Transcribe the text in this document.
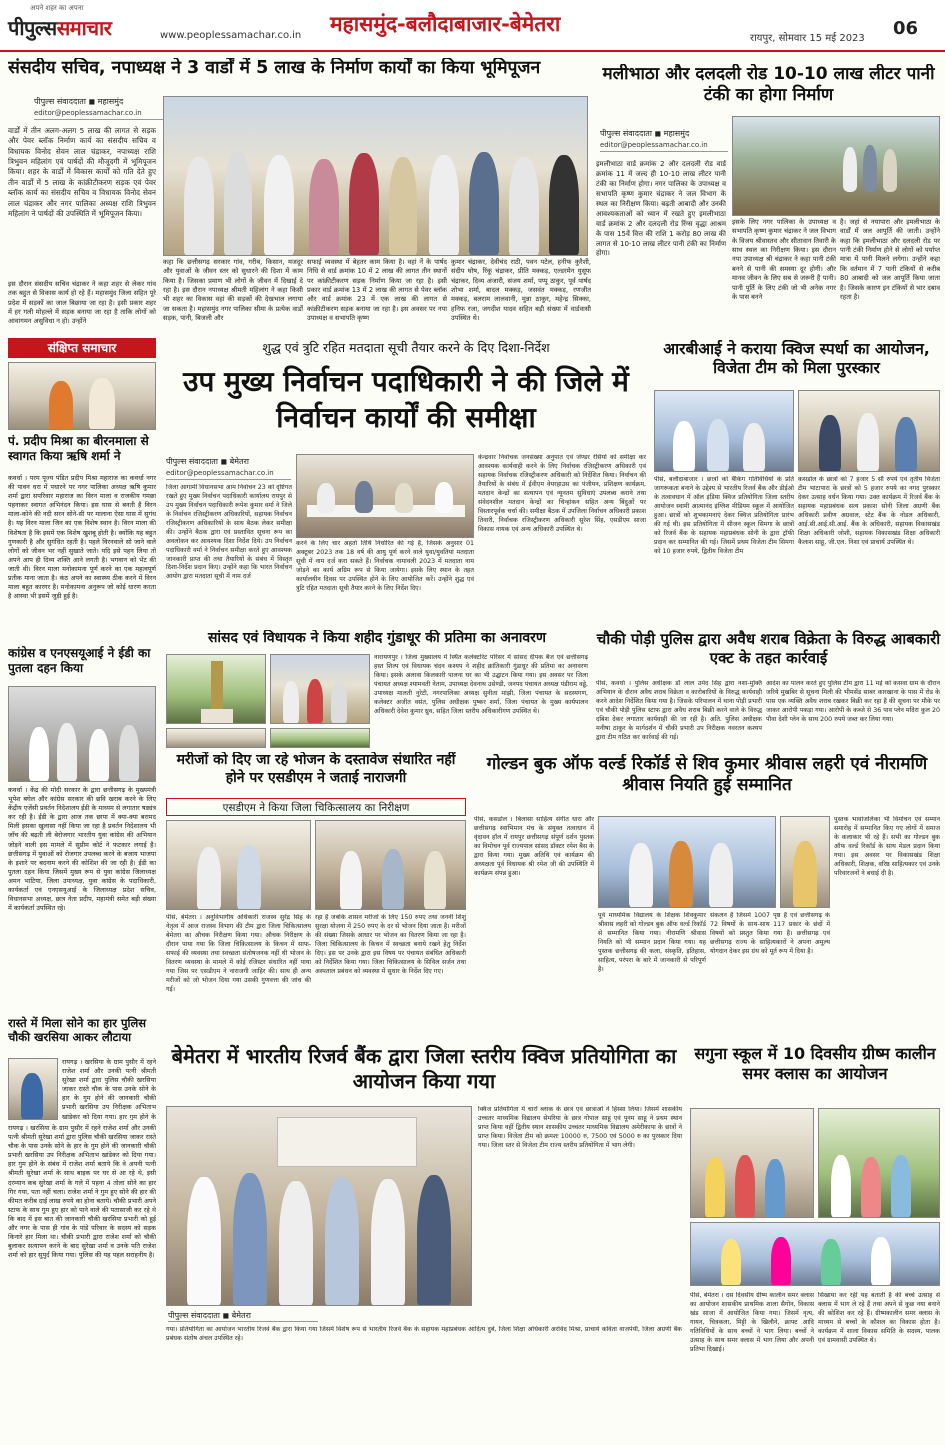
अपने शहर का अपना
पीपुल्ससमाचार	www.peoplessamachar.co.in महासमुंद-बलौदाबाजार-बेमेतरा
रायपुर, सोमवार 15 मई 2023 06
संसदीय सचिव, नपाध्यक्ष ने 3 वार्डों में 5 लाख के निर्माण कार्यों का किया भूमिपूजन
पीपुल्स संवाददाता ◼ महासमुंद
editor@peoplessamachar.co.in
वार्डों में तीन अलग-अलग 5 लाख की लागत से सड़क और पेवर ब्लॉक निर्माण कार्य का संसदीय सचिव व विधायक विनोद सेवन लाल चंद्राकर, नपाध्यक्ष राशि त्रिभुवन महिलांग एवं पार्षदों की मौजूदगी में भूमिपूजन किया। शहर के वार्डों में विकास कार्यों को गति देते हुए तीन वार्डों में 5 लाख के कांक्रीटीकरण सड़क एवं पेवर ब्लॉक कार्य का संसदीय सचिव व विधायक विनोद सेवन लाल चंद्राकर और नगर पालिका अध्यक्ष राशि त्रिभुवन महिलांग ने पार्षदों की उपस्थिति में भूमिपूजन किया।
इस दौरान संसदीय सचिव चंद्राकर ने कहा शहर से लेकर गांव तक बहुत से विकास कार्य हो रहे हैं। महासमुंद जिला सहित पूरे प्रदेश में सड़कों का जाल बिछाया जा रहा है। इसी प्रकार शहर में हर गली मोहल्ले में सड़क बनाया जा रहा है ताकि लोगों को आवागमन असुविधा न हो। उन्होंने
कहा कि छत्तीसगढ़ सरकार गांव, गरीब, किसान, मजदूर और युवाओं के जीवन स्तर को सुधारने की दिशा में काम किया है। जिसका प्रमाण भी लोगों के जीवन में दिखाई दे रहा है। इस दौरान नपाध्यक्ष श्रीमती महिलांग ने कहा किसी भी शहर का विकास वहां की सड़कों की देखभाल लगाया जा सकता है। महासमुंद नगर पालिका सीमा के प्रत्येक वार्डों सड़क, पानी, बिजली और
सफाई व्यवस्था में बेहतर काम किया है। वहां नें के पार्षद निधि से वार्ड क्रमांक 10 में 2 लाख की लागत तीन स्थानों पर कांक्रीटीकरण सड़क निर्माण किया जा रहा है। इसी प्रकार वार्ड क्रमांक 13 में 2 लाख की लागत से पेवर ब्लॉक और वार्ड क्रमांक 23 में एक लाख की लागत से कांक्रीटीकरण सड़क बनाया जा रहा है। इस अवसर पर नपा उपाध्यक्ष व सभापति कृष्ण
कुमार चंद्राकर, देवीचंद राठी, पवन पटेल, हनीफ कुरैशी, संदीप घोष, रिंकू चंद्राकर, प्रीति मक्कड़, एल्डरमेन युसूफ चंद्राकर, दिव्य अंजारी, संजय शर्मा, पप्पू ठाकुर, पूर्व पार्षद शोभा शर्मा, बादल मक्कड़, जसवंत मक्कड़, रणजीत मक्कड़, बलराम लालवानी, मुन्ना ठाकुर, महेन्द्र सिक्का, हनिफ रजा, जगदीश यादव सहित बड़ी संख्या में वार्डवासी उपस्थित थे।
मलीभाठा और दलदली रोड 10-10 लाख लीटर पानी टंकी का होगा निर्माण
पीपुल्स संवाददाता ◼ महासमुंद
editor@peoplessamachar.co.in
इमलीभाठा वार्ड क्रमांक 2 और दलदली रोड वार्ड क्रमांक 11 में जल्द ही 10-10 लाख लीटर पानी टंकी का निर्माण होगा। नगर पालिका के उपाध्यक्ष व सभापति कृष्ण कुमार चंद्राकर ने जल विभाग के स्थल का निरीक्षण किया। बढ़ती आबादी और उनकी आवश्यकताओं को ध्यान में रखते हुए इमलीभाठा वार्ड क्रमांक 2 और दलदली रोड रिंग्स वृद्धा आश्रम के पास 15वें वित्त की राशि 1 करोड़ 80 लाख की लागत से 10-10 लाख लीटर पानी टंकी का निर्माण होगा।
इसके लिए नगर पालिका के उपाध्यक्ष व सभापति कृष्ण कुमार चंद्राकर ने जल विभाग के विजय श्रीवास्तव और सीतावान तिवारी के साथ स्थल का निरीक्षण किया। इस दौरान नपा उपाध्यक्ष श्री चंद्राकर ने कहा पानी टंकी बनने से पानी की समस्या दूर होगी। और मानव जीवन के लिए सब से जरूरी है पानी। पानी पूर्ति के लिए टंकी जो भी अनेक नगर के पास बनने
है। जहां से नयापारा और इमलीभाठा के वार्डों में जल आपूर्ति की जाती। उन्होंने कहा कि इमलीभाठा और दलदली रोड पर पानी टंकी निर्माण होने से लोगों को पर्याप्त मात्रा में पानी मिलने लगेगा। उन्होंने कहा कि वर्तमान में 7 पानी टंकियों से करीब 80 आबादी को जल आपूर्ति किया जाता है। जिसके कारण इन टंकियों से भार दबाव रहता है।
संक्षिप्त समाचार
पं. प्रदीप मिश्रा का बीरनमाला से स्वागत किया ऋषि शर्मा ने
कवर्धा । परम पूज्य पंडित प्रदीप मिश्रा महाराज का कवर्धा नगर की पावन धरा में पधारने पर नगर पालिका अध्यक्ष ऋषि कुमार शर्मा द्वारा सपरिवार महाराज का विरन माला व राजकीय गमछा पहनाकर स्वागत अभिनंदन किया। इस घास से बनती है विरन माला-कोने की नदी सरन सोने-सी पर मालाना ऐसा घास में सुगंध है। यह विरन माला जिन का एक विशेष स्थान है। विरन माला की विशेषता है कि इसमें एक विशेष खुशबू होती है। क्योंकि यह बहुत गुणकारी है और सुगंधित रहती है। पहले विरनवाले सो जाने वाले लोगों को जीवन भर नहीं सुखाते जाते। यदि इसे पहन लिया तो अपने आप ही दिव्य शक्ति आने लगती है। भगवान को भेंट की जाती थी। विरन माला मनोकामना पूर्ण करने का एक महत्वपूर्ण प्रतीक माना जाता है। कंठ अपने का स्वास्थ्य ठीक करने में विरन माला बहुत कारगर है। मनोकामना अनुरूप जो कोई धारण करता है आस्था भी इसमें जुड़ी हुई है।
कांग्रेस व एनएसयूआई ने ईडी का पुतला दहन किया
कवर्धा । केंद्र की मोदी सरकार के द्वारा छत्तीसगढ़ के मुख्यमंत्री भूपेश बघेल और कांग्रेस सरकार की छवि खराब करने के लिए केंद्रीय एजेंसी प्रवर्तन निदेशालय ईडी के माध्यम से लगातार षड्यंत्र कर रही है। ईडी के द्वारा आज तक छापा में क्या-क्या बरामद मिली इसका खुलासा नहीं किया जा रहा है प्रवर्तन निदेशालय भी जाँच की बढ़ती ली बेरोजगार भारतीय युवा कांग्रेस की अभियान जोड़ने वाली इस मामले में सुप्रीम कोर्ट ने फटकार लगाई है। छत्तीसगढ़ में युवाओं को रोजगार उपलब्ध करने के बजाय भाजपा के इशारे पर बदनाम करने की कोशिश की जा रही है। ईडी का पुतला दहन किया जिसमें मुख्य रूप से युवा कांग्रेस जिलाध्यक्ष अमन भाटिया, जिला उपाध्यक्ष, युवा कांग्रेस के पदाधिकारी, कार्यकर्ता एवं एनएसयूआई के जिलाध्यक्ष प्रदेश सचिव, विधानसभा अध्यक्ष, छात्र नेता प्रदीप, महामंत्री समेत बड़ी संख्या में कार्यकर्ता उपस्थित रहे।
रास्ते में मिला सोने का हार पुलिस चौकी खरसिया आकर लौटाया
रायगढ़ । खरसिया के ग्राम पुसौर में रहने राजेश शर्मा और उनकी पत्नी श्रीमती सुरेखा शर्मा द्वारा पुलिस चौकी खरसिया जाकर रास्ते चौक के पास उनके सोने के हार के गुम होने की जानकारी चौकी प्रभारी खरसिया उप निरीक्षक अभिताभ खांडेकर को दिया गया। हार गुम होने के
रायगढ़ । खरसिया के ग्राम पुसौर में रहने राजेश शर्मा और उनकी पत्नी श्रीमती सुरेखा शर्मा द्वारा पुलिस चौकी खरसिया जाकर रास्ते चौक के पास उनके सोने के हार के गुम होने की जानकारी चौकी प्रभारी खरसिया उप निरीक्षक अभिताभ खांडेकर को दिया गया। हार गुम होने के संबंध में राजेश शर्मा बताये कि वे अपनी पत्नी श्रीमती सुरेखा शर्मा के साथ बाइक पर घर से आ रहे थे, इसी दरम्यान कब सुरेखा शर्मा के गले में पहना 4 तोला सोने का हार गिर गया, पता नहीं चला। राजेश शर्मा ने गुम हुए सोने की हार की कीमत करीब दाई लाख रुपये का होना बताये। चौकी प्रभारी अपने स्टाफ के साथ गुम हुए हार को पाने वाले की पतासाजी कर रहे थे कि बाद में इस बात की जानकारी चौकी खरसिया प्रभारी को हुई और नगर के पास ही गांव के पांडे परिवार के सदस्य को सड़क किनारे हार मिला था। चौकी प्रभारी द्वारा राजेश शर्मा को चौकी बुलाकर सत्यापन करने के बाद सुरेखा शर्मा व उनके पति राजेश शर्मा को हार सुपुर्द किया गया। पुलिस की यह पहल सराहनीय है।
शुद्ध एवं त्रुटि रहित मतदाता सूची तैयार करने के दिए दिशा-निर्देश
उप मुख्य निर्वाचन पदाधिकारी ने की जिले में निर्वाचन कार्यों की समीक्षा
पीपुल्स संवाददाता ◼ बेमेतरा
editor@peoplessamachar.co.in
जिला आगामी विधानसभा आम निर्वाचन 23 को दृष्टिगत रखते हुए मुख्य निर्वाचन पदाधिकारी कार्यालय रायपुर से उप मुख्य निर्वाचन पदाधिकारी रूपेश कुमार वर्मा ने जिले के निर्वाचन रजिस्ट्रीकरण अधिकारियों, सहायक निर्वाचन रजिस्ट्रीकरण अधिकारियों के साथ बैठक लेकर समीक्षा की। उन्होंने बैठक द्वारा एवं प्रस्तावित सूचना रूप का अवलोकन कर आवश्यक दिशा निर्देश दिये। उप निर्वाचन पदाधिकारी वर्मा ने निर्वाचन समीक्षा करते हुए आवश्यक जानकारी प्राप्त की तथा तैयारियों के संबंध में विस्तृत दिशा-निर्देश प्रदान किए। उन्होंने कहा कि भारत निर्वाचन आयोग द्वारा मतदाता सूची में नाम दर्ज
करने के लिए चार अहर्ता तिथि निर्धारित की गई है, जिसके अनुसार 01 अक्टूबर 2023 तक 18 वर्ष की आयु पूर्ण करने वाले युवा/युवतियां मतदाता सूची में नाम दर्ज करा सकते हैं। निर्वाचक नामावली 2023 में मतदाता नाम जोड़ने का कार्य अग्रिम रूप से किया जायेगा। इसके लिए स्थान के तहत कार्यालयीन दिवस पर उपस्थित होने के लिए आयोजित करें। उन्होंने शुद्ध एवं त्रुटि रहित मतदाता सूची तैयार करने के लिए निर्देश दिए।
केन्द्रवार निर्वाचक जनसंख्या अनुपात एवं जेण्डर रेसियो को समीक्षा कर आवश्यक कार्यवाही करने के लिए निर्वाचक रजिस्ट्रीकरण अधिकारी एवं सहायक निर्वाचक रजिस्ट्रीकरण अधिकारी को निर्देशित किया। निर्वाचन की तैयारियों के संबंध में ईवीएम वेयरहाउस का पंजीयन, प्रशिक्षण कार्यक्रम, मतदान केन्द्रों का सत्यापन एवं न्यूनतम सुविधाएं उपलब्ध कराने तथा संवेदनशील मतदान केन्द्रों का चिन्हांकन सहित अन्य बिंदुओं पर विस्तारपूर्वक चर्चा की। समीक्षा बैठक में उपजिला निर्वाचन अधिकारी प्रकाश तिवारी, निर्वाचक रजिस्ट्रीकरण अधिकारी सुरेश सिंह, एसडीएम साजा विकास नायक एवं अन्य अधिकारी उपस्थित थे।
आरबीआई ने कराया क्विज स्पर्धा का आयोजन, विजेता टीम को मिला पुरस्कार
पीसं, बलौदाबाजार । छात्रों को बैंकिंग गतिविधियों के प्रति जागरूकता बनाने के उद्देश्य से भारतीय रिजर्व बैंक और डीईओ के तत्वावधान में ऑल इंडिया क्विज प्रतियोगिता जिला स्तरीय आयोजन स्वामी आत्मानंद इंग्लिश मीडियम स्कूल में आयोजित हुआ। छात्रों को शुभकामनाएं देकर क्विज प्रतियोगिता प्रारंभ की गई थी। इस प्रतियोगिता में सीजन स्कूल सिमगा के छात्रों को रिजर्व बैंक के सहायक महाप्रबंधक सोनी के द्वारा ट्रॉफी प्रदान कर सम्मानित की गई। जिसमें प्रथम विजेता टीम सिमगा को 10 हजार रुपये, द्वितीय विजेता टीम
कसडोल के छात्रों को 7 हजार 5 सौ रुपये एवं तृतीय विजेता टीम भाटापारा के छात्रों को 5 हजार रुपये का नगद पुरस्कार देकर उत्साह वर्धन किया गया। उक्त कार्यक्रम में रिजर्व बैंक के सहायक महाप्रबंधक सत्य प्रकाश सोनी जिला अग्रणी बैंक अधिकारी प्रवीण अग्रवाल, स्टेट बैंक के नोडल अधिकारी, आई.सी.आई.सी.आई. बैंक के अधिकारी, सहायक विकासखंड शिक्षा अधिकारी जोशी, सहायक विकासखंड शिक्षा अधिकारी कैलाश साहू, जी.एल. निशा एवं प्राचार्य उपस्थित थे।
सांसद एवं विधायक ने किया शहीद गुंडाधूर की प्रतिमा का अनावरण
नारायणपुर । जिला मुख्यालय में स्थित कलेक्टोरेट परिसर में सांसद दीपक बैज एवं छत्तीसगढ़ हस्त शिल्प एवं विधायक चंदन कश्यप ने शहीद क्रांतिकारी गुंडाधूर की प्रतिमा का अनावरण किया। इसके अलावा किलकारी पालना घर का भी उद्घाटन किया गया। इस अवसर पर जिला पंचायत अध्यक्ष श्यामवती नेताम, उपाध्यक्ष देवनाथ उसेण्डी, जनपद पंचायत अध्यक्ष पंडीराम वड्डे, उपाध्यक्ष मालती नुरेटी, नगरपालिका अध्यक्ष सुनीता मांझी, जिला पंचायत के सदस्यगण, कलेक्टर अजीत वसंत, पुलिस अधीक्षक पुष्कर शर्मा, जिला पंचायत के मुख्य कार्यपालन अधिकारी देवेश कुमार ध्रुव, सहित जिला स्तरीय अधिकारीगण उपस्थित थे।
चौकी पोड़ी पुलिस द्वारा अवैध शराब विक्रेता के विरुद्ध आबकारी एक्ट के तहत कार्रवाई
पीसं, कवर्धा । पुलिस अधीक्षक डॉ लाल उमेद सिंह द्वारा नशा-मुक्ति अभियान के दौरान अवैध शराब विक्रेता व कारोबारियों के विरुद्ध कार्यवाही करने आदेश निर्देशित किया गया है। जिसके परिपालन में थाना पोड़ी प्रभारी एवं चौकी पोड़ी पुलिस स्टाफ द्वारा अवैध शराब बिक्री करने वाले के विरुद्ध दबिश देकर लगातार कार्यवाही की जा रही है। अति. पुलिस अधीक्षक मनीषा ठाकुर के मार्गदर्शन में चौकी प्रभारी उप निरीक्षक नवरतन कश्यप द्वारा टीम गठित कर कार्रवाई की गई।
आदेश का पालन करते हुए पुलिस टीम द्वारा 11 मई को कसवा ग्राम के दौरान जरिये मुखबिर से सूचना मिली की भीमसेंड साबर कारखाना के पास में रोड के पास एक व्यक्ति अवैध शराब रखकर बिक्री कर रहा है की सूचना पर मौके पर जाकर आरोपी पकड़ा गया। आरोपी के कब्जे से 36 पाव प्लेन मदिरा कुल 20 पौवा देशी प्लेन के साथ 200 रुपये जब्त कर लिया गया।
मरीजों को दिए जा रहे भोजन के दस्तावेज संधारित नहीं होने पर एसडीएम ने जताई नाराजगी
एसडीएम ने किया जिला चिकित्सालय का निरीक्षण
पीसं, बेमेतरा । अनुविभागीय अधिकारी राजस्व सुरेंद्र सिंह के नेतृत्व में आज राजस्व विभाग की टीम द्वारा जिला चिकित्सालय बेमेतरा का औचक निरीक्षण किया गया। औचक निरीक्षण के दौरान पाया गया कि जिला चिकित्सालय के किचन में साफ-सफाई की व्यवस्था तथा स्वच्छता संतोषजनक नहीं थी भोजन के वितरण व्यवस्था के मामले में कोई रजिस्टर संधारित नहीं पाया गया जिस पर एसडीएम ने नाराजगी जाहिर की। साथ ही अन्य मरीजों को जो भोजन दिया गया उसकी गुणवत्ता की जांच की गई।
रहा है जबकि शासन मरीजों के लिए 150 रुपए तथा जननी शिशु सुरक्षा योजना में 250 रुपए के दर से भोजन दिया जाता है। मरीजों की संख्या जिसके आधार पर भोजन का वितरण किया जा रहा है। जिला चिकित्सालय के किचन में स्वच्छता बनाये रखने हेतु निर्देश दिए। इस पर उनके द्वारा इस विषय पर पंचायत संबंधित अधिकारी को निर्देशित किया गया। जिला चिकित्सालय के सिविल सर्जन तथा अस्पताल प्रबंधन को व्यवस्था में सुधार के निर्देश दिए गए।
गोल्डन बुक ऑफ वर्ल्ड रिकॉर्ड से शिव कुमार श्रीवास लहरी एवं नीरामणि श्रीवास नियति हुई सम्मानित
पीसं, कसडोल । बिलासा साहित्य संगीत धारा और छत्तीसगढ़ स्वाभिमान मंच के संयुक्त तत्वाधान में वृंदावन हॉल में रायपुर छत्तीसगढ़ संपूर्ण दर्शन पुस्तक का विमोचन पूर्व राज्यपाल सांसद डॉक्टर रमेश बैस के द्वारा किया गया। मुख्य अतिथि एवं कार्यक्रम की अध्यक्षता पूर्व विधायक श्री रमेश जी की उपस्थिति में कार्यक्रम संपन्न हुआ।
पूर्व माध्यमिक विद्यालय के शिक्षक शिवकुमार श्रीवास लहरी को गोल्डन बुक ऑफ वर्ल्ड रिकॉर्ड से सम्मानित किया गया। नीरामणि श्रीवास नियति को भी सम्मान प्रदान किया गया। यह पुस्तक छत्तीसगढ़ की कला, संस्कृति, इतिहास, साहित्य, परंपरा के बारे में जानकारी से परिपूर्ण है।
संकलन है जिसमें 1007 पृष्ठ हैं एवं छत्तीसगढ़ के 72 विषयों के साथ-साथ 117 प्रकार के छंदों में विषयों को प्रस्तुत किया गया है। छत्तीसगढ़ एवं छत्तीसगढ़ राज्य के साहित्यकारों ने अपना अमूल्य योगदान देकर इस ग्रंथ को मूर्त रूप में दिया है।
पुस्तक भावांजलिका भी विमोचन एवं सम्मान समारोह में सम्मानित किए गए लोगों में समाज के कलाकार भी रहे हैं। सभी का गोल्डन बुक ऑफ वर्ल्ड रिकॉर्ड के साथ मेडल प्रदान किया गया। इस अवसर पर विकासखंड शिक्षा अधिकारी, शिक्षक, वरिष्ठ साहित्यकार एवं उनके परिवारजनों ने बधाई दी है।
बेमेतरा में भारतीय रिजर्व बैंक द्वारा जिला स्तरीय क्विज प्रतियोगिता का आयोजन किया गया
क्विज प्रतियोगिता में चारों ब्लाक के छात्र एवं छात्राओं ने हिस्सा लिया। जिसमें शासकीय उच्चतर माध्यमिक विद्यालय सेमरिया के छात्र गोपाल साहू एवं पूनम साहू ने प्रथम स्थान प्राप्त किया वहीं द्वितीय स्थान शासकीय उच्चतर माध्यमिक विद्यालय अमेरीकापा के छात्रों ने प्राप्त किया। विजेता टीम को क्रमशः 10000 रु, 7500 एवं 5000 रु का पुरस्कार दिया गया। जिला स्तर से विजेता टीम राज्य स्तरीय प्रतियोगिता में भाग लेगी।
पीपुल्स संवाददाता ◼ बेमेतरा
गया। प्रतियोगिता का आयोजन भारतीय रिजर्व बैंक द्वारा किया गया जिसमें विशेष रूप से भारतीय रिजर्व बैंक के सहायक महाप्रबंधक आदित्य दुबे, जिला शिक्षा अधिकारी अरविंद मिश्रा, प्राचार्य कविता वाजपेयी, जिला अग्रणी बैंक प्रबंधक संतोष अंचल उपस्थित रहे।
सगुना स्कूल में 10 दिवसीय ग्रीष्म कालीन समर क्लास का आयोजन
पीसं, बेमेतरा । दस दिवसीय ग्रीष्म कालीन समर क्लास का आयोजन शासकीय प्राथमिक शाला सैगोन, विकास खंड साजा में आयोजित किया गया। जिसमें नृत्य, गायन, चित्रकला, मिट्टी के खिलौने, क्राफ्ट आदि गतिविधियों के साथ बच्चों ने भाग लिया। बच्चों ने उत्साह के साथ समर क्लास में भाग लिया और अपनी प्रतिभा दिखाई।
सिखाया कर रही यह बताती है की बच्चे उत्साह से क्लास में भाग ले रहे हैं तथा अपने से कुछ नया बनाने की कोशिश कर रहे हैं। ग्रीष्मकालीन समर क्लास के माध्यम से बच्चों के कौशल का विकास होता है। कार्यक्रम में शाला विकास समिति के सदस्य, पालक एवं ग्रामवासी उपस्थित थे।
